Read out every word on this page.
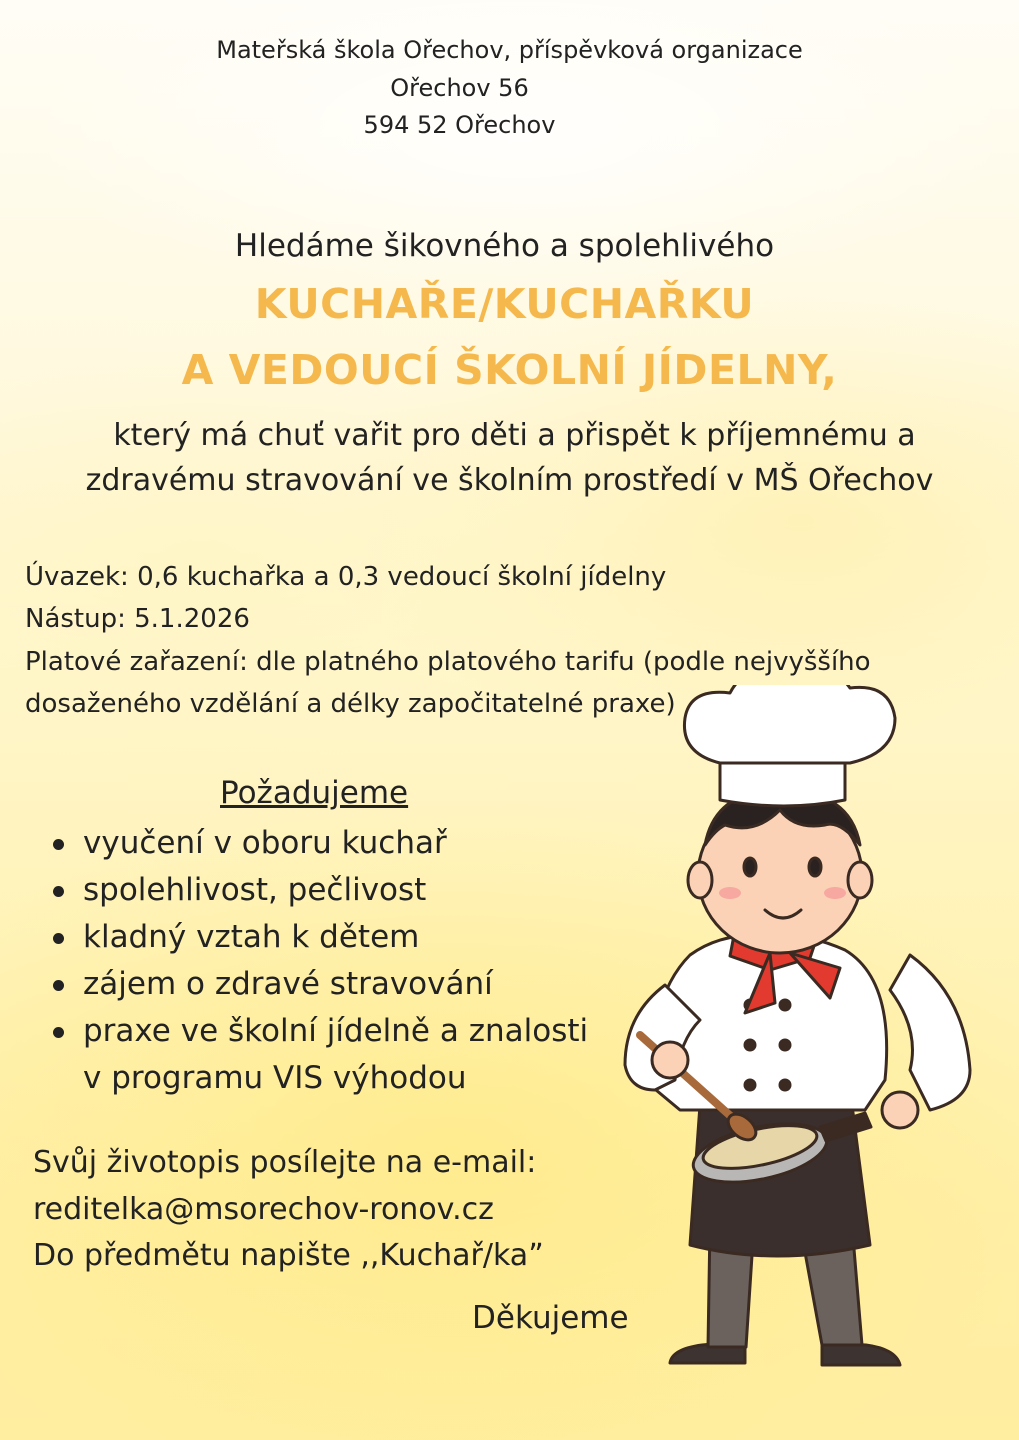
Mateřská škola Ořechov, příspěvková organizace
Ořechov 56
594 52 Ořechov
Hledáme šikovného a spolehlivého
KUCHAŘE/KUCHAŘKU
A VEDOUCÍ ŠKOLNÍ JÍDELNY,
který má chuť vařit pro děti a přispět k příjemnému a
zdravému stravování ve školním prostředí v MŠ Ořechov
Úvazek: 0,6 kuchařka a 0,3 vedoucí školní jídelny
Nástup: 5.1.2026
Platové zařazení: dle platného platového tarifu (podle nejvyššího
dosaženého vzdělání a délky započitatelné praxe)
Požadujeme
vyučení v oboru kuchař
spolehlivost, pečlivost
kladný vztah k dětem
zájem o zdravé stravování
praxe ve školní jídelně a znalosti
v programu VIS výhodou
Svůj životopis posílejte na e-mail:
reditelka@msorechov-ronov.cz
Do předmětu napište ,,Kuchař/ka”
Děkujeme
